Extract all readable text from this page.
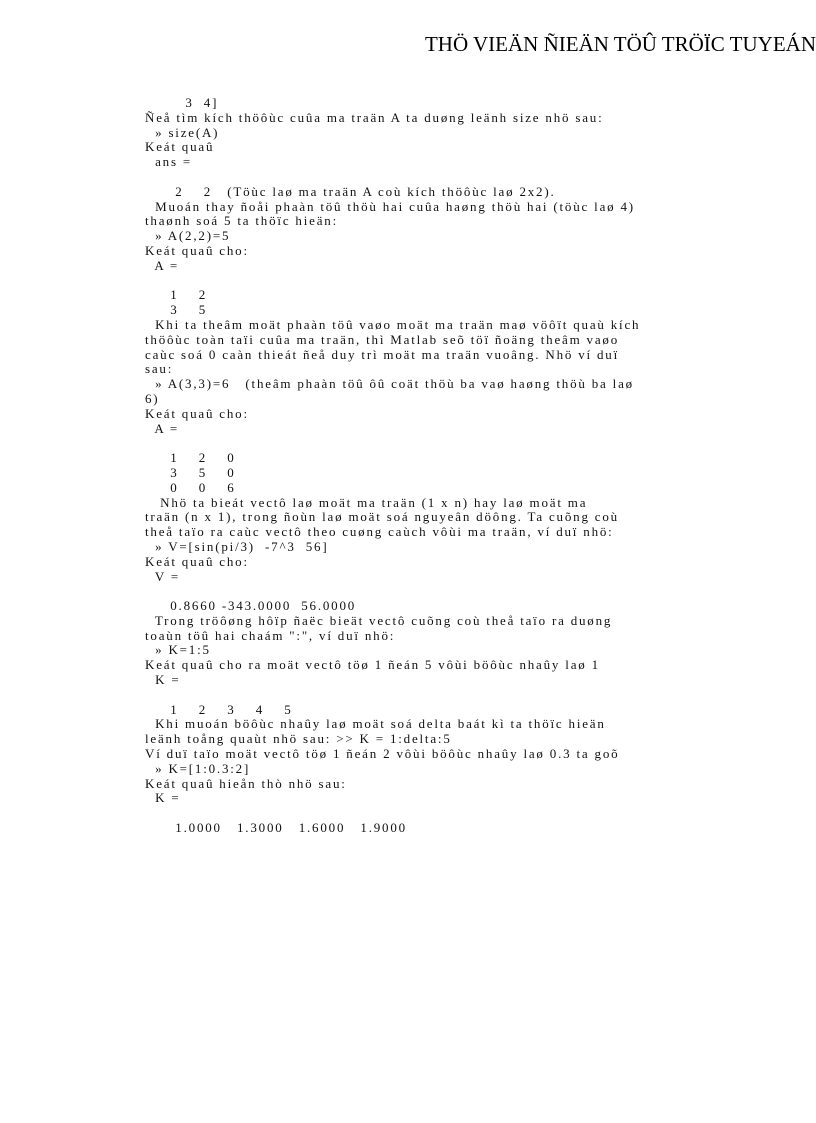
THÖ VIEÄN ÑIEÄN TÖÛ TRÖÏC TUYEÁN
3  4]
Ñeå tìm kích thöôùc cuûa ma traän A ta duøng leänh size nhö sau:
» size(A)
Keát quaû
ans =
2    2   (Töùc laø ma traän A coù kích thöôùc laø 2x2).
Muoán thay ñoåi phaàn töû thöù hai cuûa haøng thöù hai (töùc laø 4)
thaønh soá 5 ta thöïc hieän:
» A(2,2)=5
Keát quaû cho:
A =
1    2
3    5
Khi ta theâm moät phaàn töû vaøo moät ma traän maø vöôït quaù kích
thöôùc toàn taïi cuûa ma traän, thì Matlab seõ töï ñoäng theâm vaøo
caùc soá 0 caàn thieát ñeå duy trì moät ma traän vuoâng. Nhö ví duï
sau:
» A(3,3)=6   (theâm phaàn töû ôû coät thöù ba vaø haøng thöù ba laø
6)
Keát quaû cho:
A =
1    2    0
3    5    0
0    0    6
Nhö ta bieát vectô laø moät ma traän (1 x n) hay laø moät ma
traän (n x 1), trong ñoùn laø moät soá nguyeân döông. Ta cuõng coù
theå taïo ra caùc vectô theo cuøng caùch vôùi ma traän, ví duï nhö:
» V=[sin(pi/3)  -7^3  56]
Keát quaû cho:
V =
0.8660 -343.0000  56.0000
Trong tröôøng hôïp ñaëc bieät vectô cuõng coù theå taïo ra duøng
toaùn töû hai chaám ":", ví duï nhö:
» K=1:5
Keát quaû cho ra moät vectô töø 1 ñeán 5 vôùi böôùc nhaûy laø 1
K =
1    2    3    4    5
Khi muoán böôùc nhaûy laø moät soá delta baát kì ta thöïc hieän
leänh toång quaùt nhö sau: >> K = 1:delta:5
Ví duï taïo moät vectô töø 1 ñeán 2 vôùi böôùc nhaûy laø 0.3 ta goõ
» K=[1:0.3:2]
Keát quaû hieån thò nhö sau:
K =
1.0000   1.3000   1.6000   1.9000
